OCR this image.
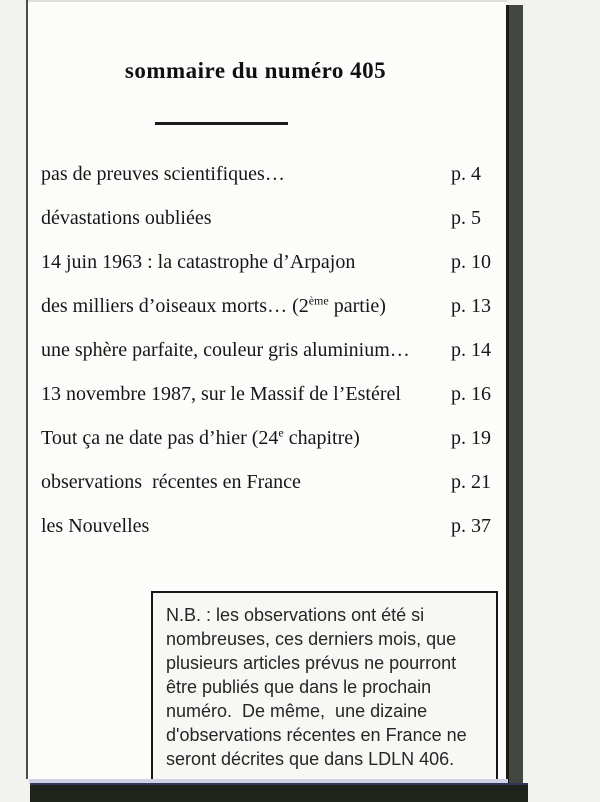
sommaire du numéro 405
pas de preuves scientifiques…	p. 4
dévastations oubliées	p. 5
14 juin 1963 : la catastrophe d’Arpajon	p. 10
des milliers d’oiseaux morts… (2ème partie)	p. 13
une sphère parfaite, couleur gris aluminium…	p. 14
13 novembre 1987, sur le Massif de l’Estérel	p. 16
Tout ça ne date pas d’hier (24e chapitre)	p. 19
observations  récentes en France	p. 21
les Nouvelles	p. 37
N.B. : les observations ont été si
nombreuses, ces derniers mois, que
plusieurs articles prévus ne pourront
être publiés que dans le prochain
numéro.  De même,  une dizaine
d'observations récentes en France ne
seront décrites que dans LDLN 406.
